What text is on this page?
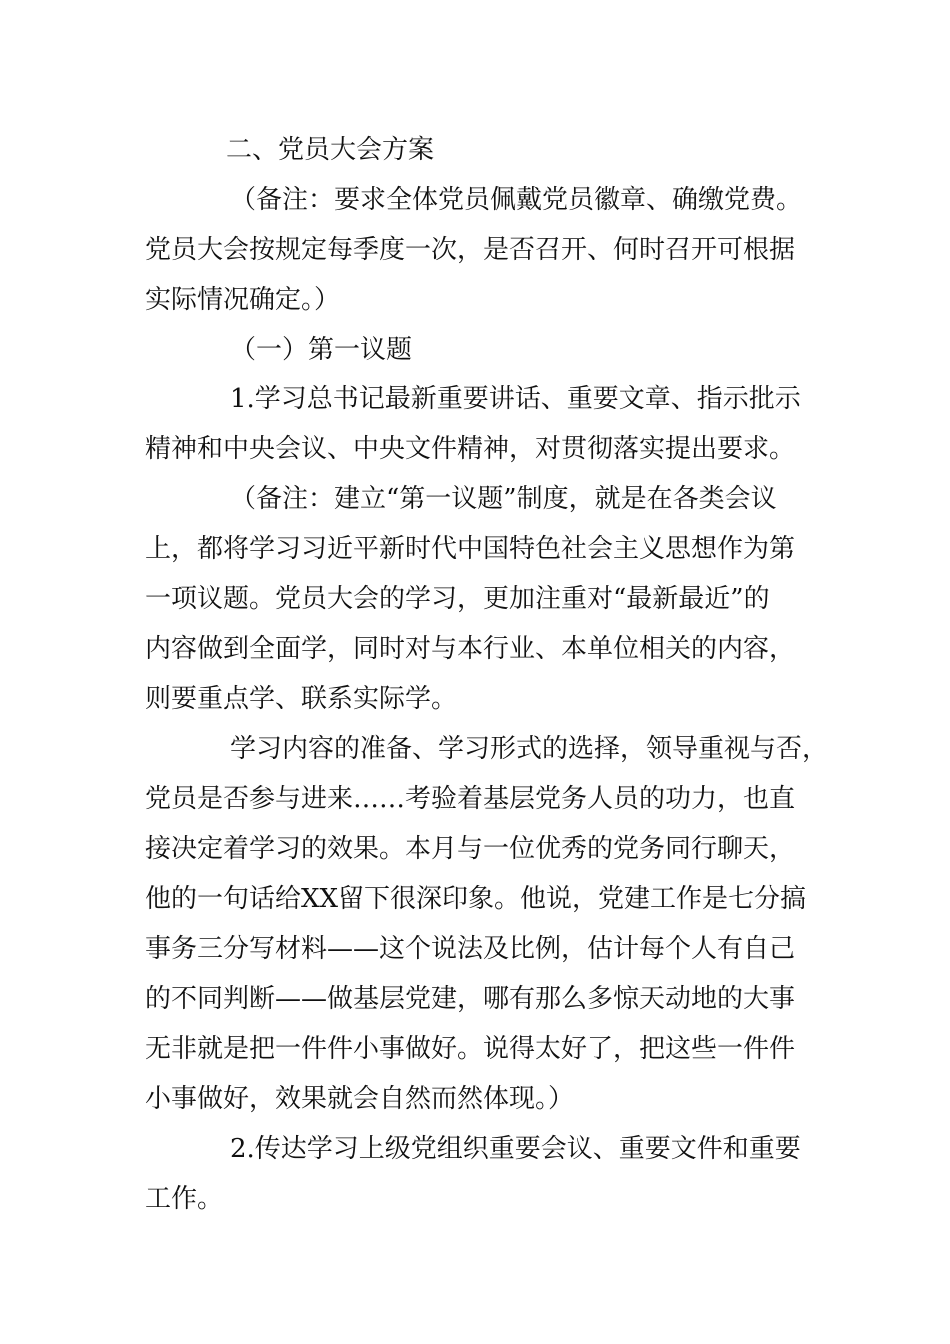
二、党员大会方案
（备注：要求全体党员佩戴党员徽章、确缴党费。
党员大会按规定每季度一次，是否召开、何时召开可根据
实际情况确定。）
（一）第一议题
1.学习总书记最新重要讲话、重要文章、指示批示
精神和中央会议、中央文件精神，对贯彻落实提出要求。
（备注：建立“第一议题”制度，就是在各类会议
上，都将学习习近平新时代中国特色社会主义思想作为第
一项议题。党员大会的学习，更加注重对“最新最近”的
内容做到全面学，同时对与本行业、本单位相关的内容，
则要重点学、联系实际学。
学习内容的准备、学习形式的选择，领导重视与否，
党员是否参与进来……考验着基层党务人员的功力，也直
接决定着学习的效果。本月与一位优秀的党务同行聊天，
他的一句话给XX留下很深印象。他说，党建工作是七分搞
事务三分写材料——这个说法及比例，估计每个人有自己
的不同判断——做基层党建，哪有那么多惊天动地的大事
无非就是把一件件小事做好。说得太好了，把这些一件件
小事做好，效果就会自然而然体现。）
2.传达学习上级党组织重要会议、重要文件和重要
工作。
